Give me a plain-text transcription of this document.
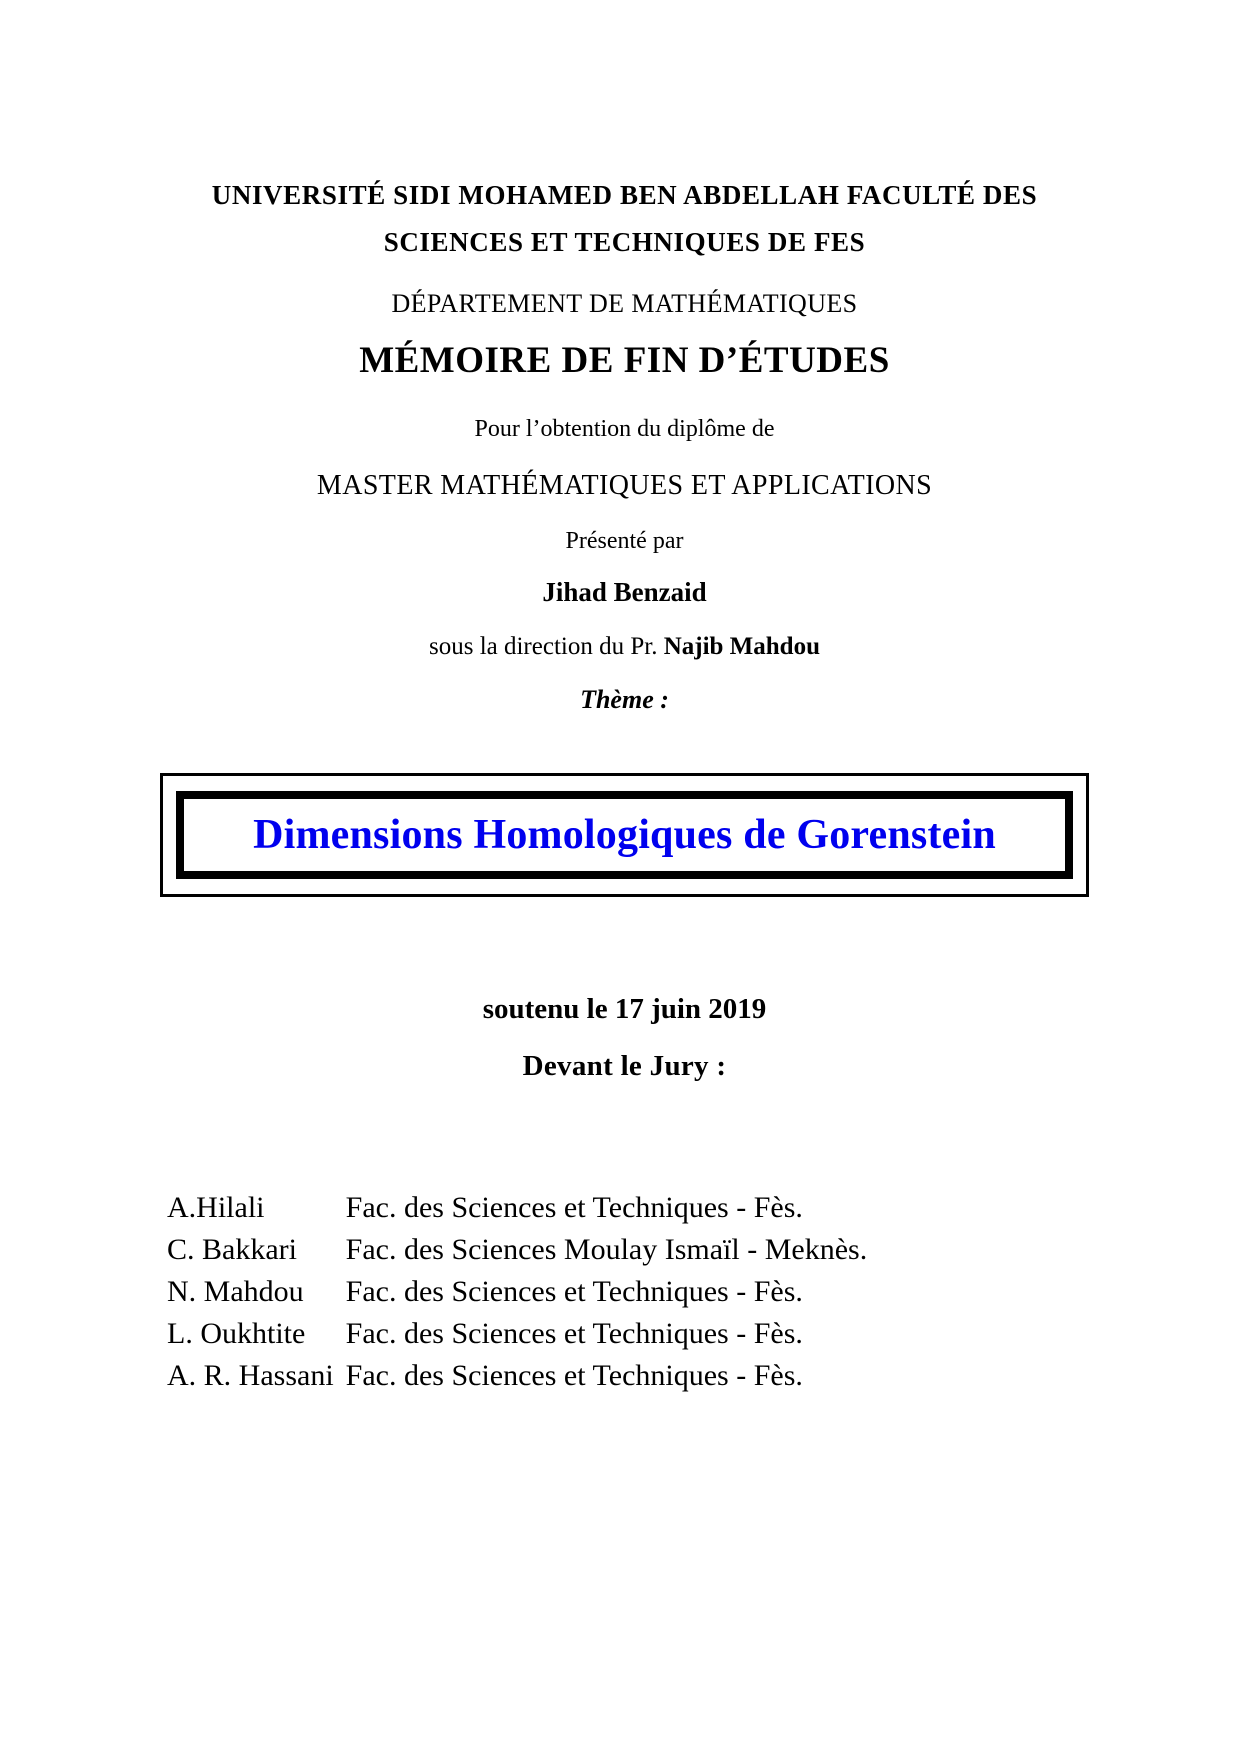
UNIVERSITÉ SIDI MOHAMED BEN ABDELLAH FACULTÉ DES

SCIENCES ET TECHNIQUES DE FES

DÉPARTEMENT DE MATHÉMATIQUES

MÉMOIRE DE FIN D’ÉTUDES

Pour l’obtention du diplôme de

MASTER MATHÉMATIQUES ET APPLICATIONS

Présenté par

Jihad Benzaid

sous la direction du Pr. Najib Mahdou

Thème :

Dimensions Homologiques de Gorenstein

soutenu le 17 juin 2019

Devant le Jury :

A.Hilali	Fac. des Sciences et Techniques - Fès.
C. Bakkari	Fac. des Sciences Moulay Ismaïl - Meknès.
N. Mahdou	Fac. des Sciences et Techniques - Fès.
L. Oukhtite	Fac. des Sciences et Techniques - Fès.
A. R. Hassani Fac. des Sciences et Techniques - Fès.
